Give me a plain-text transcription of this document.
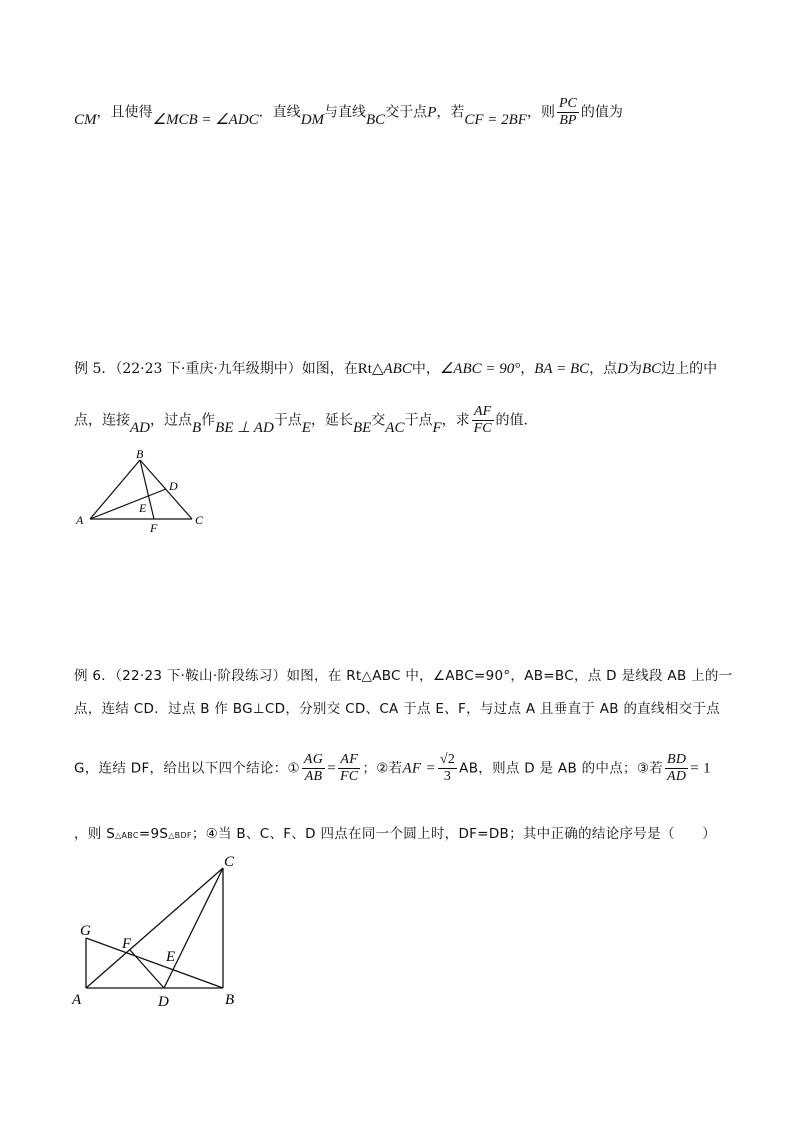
CM，且使得∠MCB = ∠ADC．直线DM与直线BC交于点P，若CF = 2BF，则 $\frac{PC}{BP}$ 的值为
例 5．（22·23 下·重庆·九年级期中）如图，在Rt△ABC中，∠ABC = 90°，BA = BC，点D为BC边上的中
点，连接AD，过点B作BE ⊥ AD于点E，延长BE交AC于点F，求 $\frac{AF}{FC}$ 的值.
B
D
E
A	C
F
例 6．（22·23 下·鞍山·阶段练习）如图，在 Rt△ABC 中，∠ABC=90°，AB=BC，点 D 是线段 AB 上的一
点，连结 CD．过点 B 作 BG⊥CD，分别交 CD、CA 于点 E、F，与过点 A 且垂直于 AB 的直线相交于点
G，连结 DF，给出以下四个结论：① $\frac{AG}{AB} = \frac{AF}{FC}$ ；②若AF = $\frac{√2}{3}$ AB，则点 D 是 AB 的中点；③若 $\frac{BD}{AD} = 1$
，则 S△ABC=9S△BDF；④当 B、C、F、D 四点在同一个圆上时，DF=DB；其中正确的结论序号是（　　）
C
G
F
E
A	D	B
